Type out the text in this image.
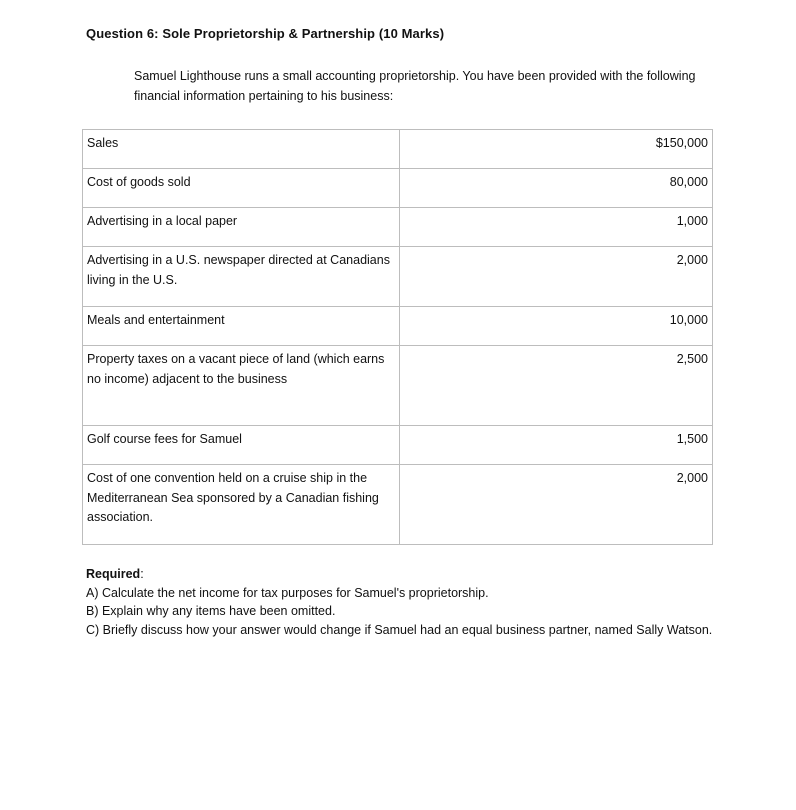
Question 6: Sole Proprietorship & Partnership (10 Marks)
Samuel Lighthouse runs a small accounting proprietorship. You have been provided with the following financial information pertaining to his business:
Sales	$150,000
Cost of goods sold	80,000
Advertising in a local paper	1,000
Advertising in a U.S. newspaper directed at Canadians living in the U.S.	2,000
Meals and entertainment	10,000
Property taxes on a vacant piece of land (which earns no income) adjacent to the business	2,500
Golf course fees for Samuel	1,500
Cost of one convention held on a cruise ship in the Mediterranean Sea sponsored by a Canadian fishing association.	2,000
Required:
A) Calculate the net income for tax purposes for Samuel's proprietorship.
B) Explain why any items have been omitted.
C) Briefly discuss how your answer would change if Samuel had an equal business partner, named Sally Watson.
